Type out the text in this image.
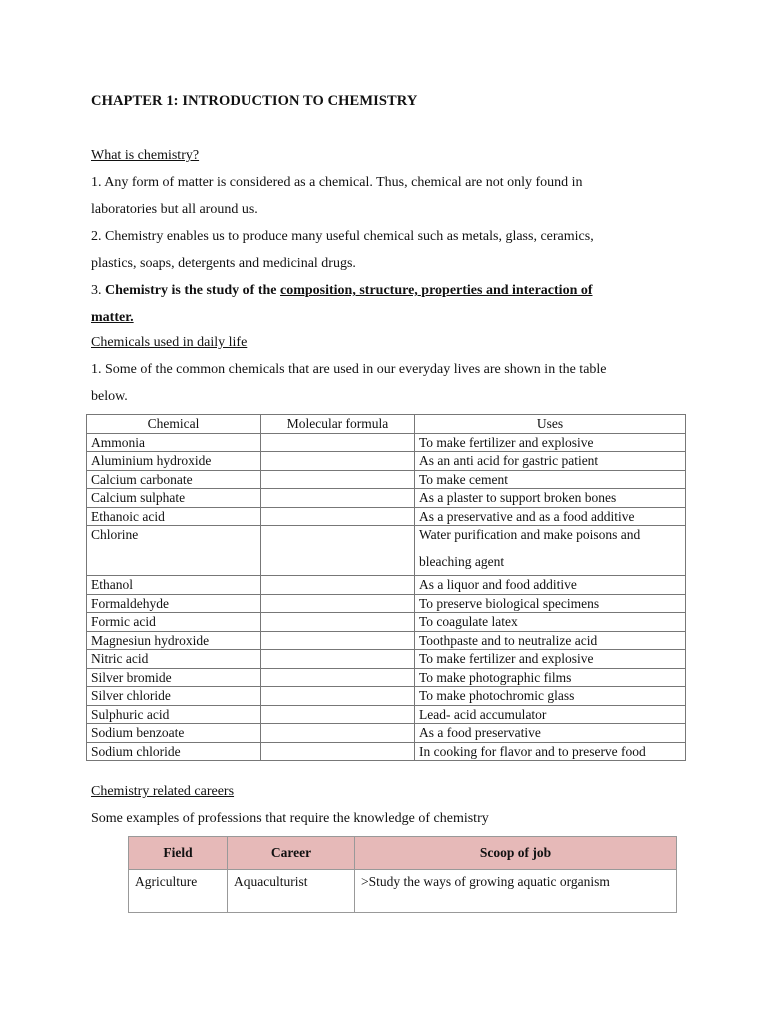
CHAPTER 1: INTRODUCTION TO CHEMISTRY
What is chemistry?
1. Any form of matter is considered as a chemical. Thus, chemical are not only found in
laboratories but all around us.
2. Chemistry enables us to produce many useful chemical such as metals, glass, ceramics,
plastics, soaps, detergents and medicinal drugs.
3. Chemistry is the study of the composition, structure, properties and interaction of
matter.
Chemicals used in daily life
1. Some of the common chemicals that are used in our everyday lives are shown in the table
below.
Chemical	Molecular formula	Uses
Ammonia		To make fertilizer and explosive
Aluminium hydroxide		As an anti acid for gastric patient
Calcium carbonate		To make cement
Calcium sulphate		As a plaster to support broken bones
Ethanoic acid		As a preservative and as a food additive
Chlorine		Water purification and make poisons and bleaching agent

Ethanol		As a liquor and food additive
Formaldehyde		To preserve biological specimens
Formic acid		To coagulate latex
Magnesiun hydroxide		Toothpaste and to neutralize acid
Nitric acid		To make fertilizer and explosive
Silver bromide		To make photographic films
Silver chloride		To make photochromic glass
Sulphuric acid		Lead- acid accumulator
Sodium benzoate		As a food preservative
Sodium chloride		In cooking for flavor and to preserve food
Chemistry related careers
Some examples of professions that require the knowledge of chemistry
Field	Career	Scoop of job
Agriculture	Aquaculturist	>Study the ways of growing aquatic organism
